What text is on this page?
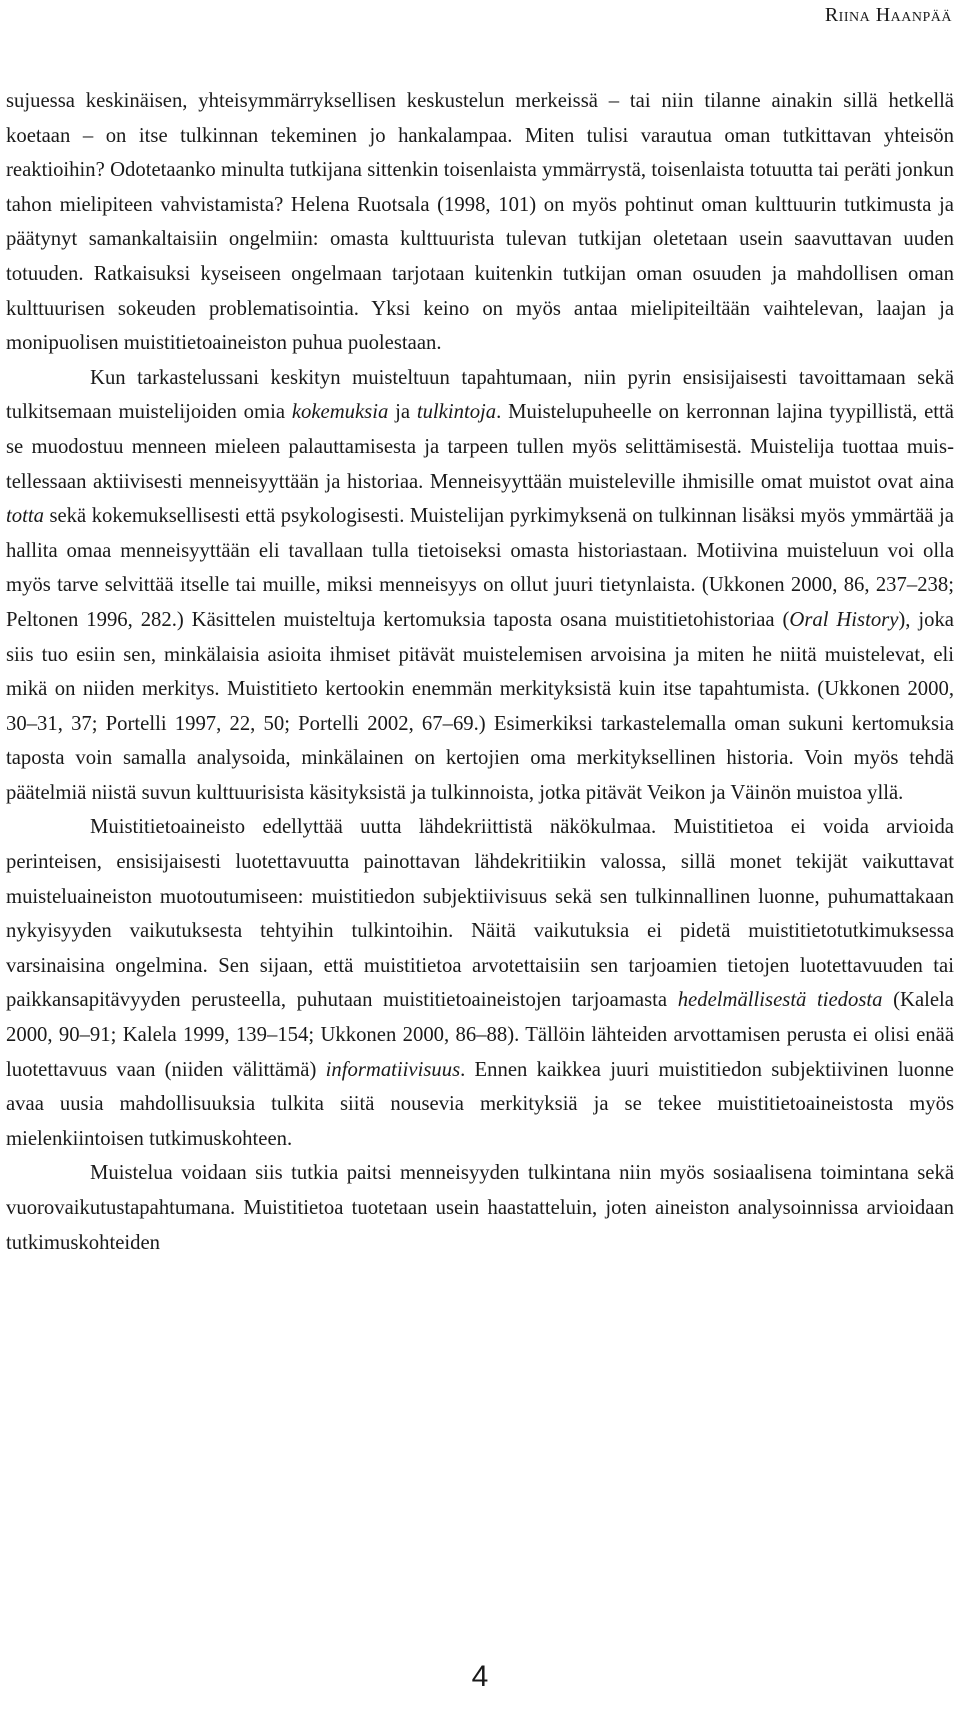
Riina Haanpää

sujuessa keskinäisen, yhteisymmärryksellisen keskustelun merkeissä – tai niin tilanne ainakin sillä hetkellä koetaan – on itse tulkinnan tekeminen jo hankalampaa. Miten tulisi varautua oman tutkittavan yhteisön reaktioihin? Odotetaanko minulta tutkijana sittenkin toisenlaista ymmärrystä, toisenlaista totuutta tai peräti jonkun tahon mielipiteen vahvistamista? Helena Ruotsala (1998, 101) on myös pohtinut oman kulttuurin tutkimusta ja päätynyt samankaltaisiin ongelmiin: omasta kulttuurista tulevan tutkijan oletetaan usein saavuttavan uuden totuuden. Ratkaisuksi kyseiseen ongelmaan tarjotaan kuitenkin tutkijan oman osuuden ja mahdollisen oman kulttuurisen sokeuden problematisointia. Yksi keino on myös antaa mielipiteiltään vaihtelevan, laajan ja monipuolisen muistitietoaineiston puhua puolestaan.

Kun tarkastelussani keskityn muisteltuun tapahtumaan, niin pyrin ensisijaisesti tavoittamaan sekä tulkitsemaan muistelijoiden omia kokemuksia ja tulkintoja. Muistelupuheelle on kerronnan lajina tyypillistä, että se muodostuu menneen mieleen palauttamisesta ja tarpeen tullen myös selittämisestä. Muistelija tuottaa muistellessaan aktiivisesti menneisyyttään ja historiaa. Menneisyyttään muisteleville ihmisille omat muistot ovat aina totta sekä kokemuksellisesti että psykologisesti. Muistelijan pyrkimyksenä on tulkinnan lisäksi myös ymmärtää ja hallita omaa menneisyyttään eli tavallaan tulla tietoiseksi omasta historiastaan. Motiivina muisteluun voi olla myös tarve selvittää itselle tai muille, miksi menneisyys on ollut juuri tietynlaista. (Ukkonen 2000, 86, 237–238; Peltonen 1996, 282.) Käsittelen muisteltuja kertomuksia taposta osana muistitietohistoriaa (Oral History), joka siis tuo esiin sen, minkälaisia asioita ihmiset pitävät muistelemisen arvoisina ja miten he niitä muistelevat, eli mikä on niiden merkitys. Muistitieto kertookin enemmän merkityksistä kuin itse tapahtumista. (Ukkonen 2000, 30–31, 37; Portelli 1997, 22, 50; Portelli 2002, 67–69.) Esimerkiksi tarkastelemalla oman sukuni kertomuksia taposta voin samalla analysoida, minkälainen on kertojien oma merkityksellinen historia. Voin myös tehdä päätelmiä niistä suvun kulttuurisista käsityksistä ja tulkinnoista, jotka pitävät Veikon ja Väinön muistoa yllä.

Muistitietoaineisto edellyttää uutta lähdekriittistä näkökulmaa. Muistitietoa ei voida arvioida perinteisen, ensisijaisesti luotettavuutta painottavan lähdekritiikin valossa, sillä monet tekijät vaikuttavat muisteluaineiston muotoutumiseen: muistitiedon subjektiivisuus sekä sen tulkinnallinen luonne, puhumattakaan nykyisyyden vaikutuksesta tehtyihin tulkintoihin. Näitä vaikutuksia ei pidetä muistitietotutkimuksessa varsinaisina ongelmina. Sen sijaan, että muistitietoa arvotettaisiin sen tarjoamien tietojen luotettavuuden tai paikkansapitävyyden perusteella, puhutaan muistitietoaineistojen tarjoamasta hedelmällisestä tiedosta (Kalela 2000, 90–91; Kalela 1999, 139–154; Ukkonen 2000, 86–88). Tällöin lähteiden arvottamisen perusta ei olisi enää luotettavuus vaan (niiden välittämä) informatiivisuus. Ennen kaikkea juuri muistitiedon subjektiivinen luonne avaa uusia mahdollisuuksia tulkita siitä nousevia merkityksiä ja se tekee muistitietoaineistosta myös mielenkiintoisen tutkimuskohteen.

Muistelua voidaan siis tutkia paitsi menneisyyden tulkintana niin myös sosiaalisena toimintana sekä vuorovaikutustapahtumana. Muistitietoa tuotetaan usein haastatteluin, joten aineiston analysoinnissa arvioidaan tutkimuskohteiden

4
